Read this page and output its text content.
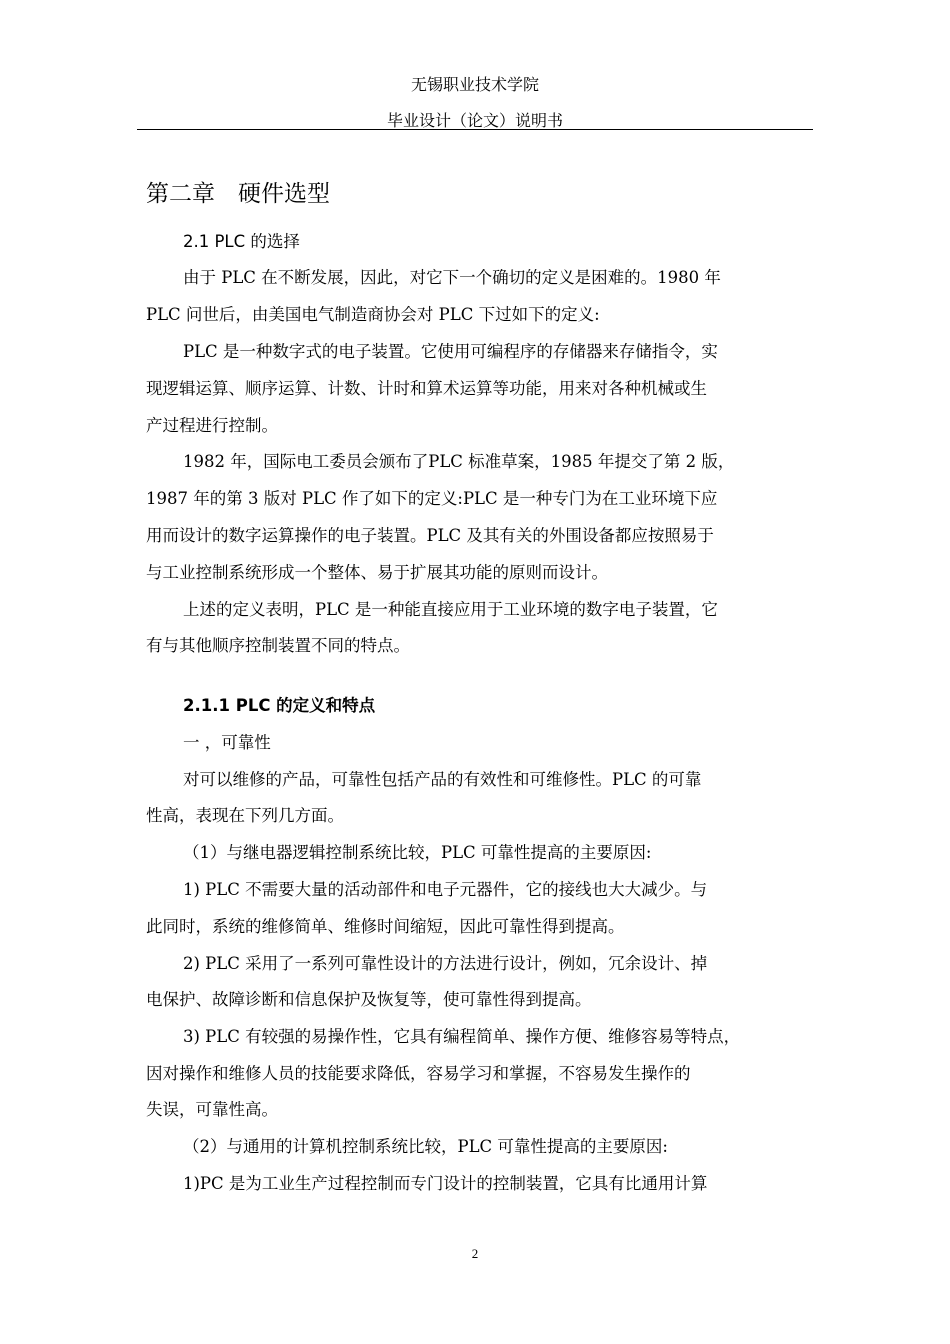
无锡职业技术学院
毕业设计（论文）说明书
第二章　硬件选型
2.1 PLC 的选择
由于 PLC 在不断发展，因此，对它下一个确切的定义是困难的。1980 年
PLC 问世后，由美国电气制造商协会对 PLC 下过如下的定义:
PLC 是一种数字式的电子装置。它使用可编程序的存储器来存储指令，实
现逻辑运算、顺序运算、计数、计时和算术运算等功能，用来对各种机械或生
产过程进行控制。
1982 年，国际电工委员会颁布了PLC 标准草案，1985 年提交了第 2 版，
1987 年的第 3 版对 PLC 作了如下的定义:PLC 是一种专门为在工业环境下应
用而设计的数字运算操作的电子装置。PLC 及其有关的外围设备都应按照易于
与工业控制系统形成一个整体、易于扩展其功能的原则而设计。
上述的定义表明，PLC 是一种能直接应用于工业环境的数字电子装置，它
有与其他顺序控制装置不同的特点。
2.1.1 PLC 的定义和特点
一 ，可靠性
对可以维修的产品，可靠性包括产品的有效性和可维修性。PLC 的可靠
性高，表现在下列几方面。
（1）与继电器逻辑控制系统比较，PLC 可靠性提高的主要原因:
1) PLC 不需要大量的活动部件和电子元器件，它的接线也大大减少。与
此同时，系统的维修简单、维修时间缩短，因此可靠性得到提高。
2) PLC 采用了一系列可靠性设计的方法进行设计，例如，冗余设计、掉
电保护、故障诊断和信息保护及恢复等，使可靠性得到提高。
3) PLC 有较强的易操作性，它具有编程简单、操作方便、维修容易等特点，
因对操作和维修人员的技能要求降低，容易学习和掌握，不容易发生操作的
失误，可靠性高。
（2）与通用的计算机控制系统比较，PLC 可靠性提高的主要原因:
1)PC 是为工业生产过程控制而专门设计的控制装置，它具有比通用计算
2
